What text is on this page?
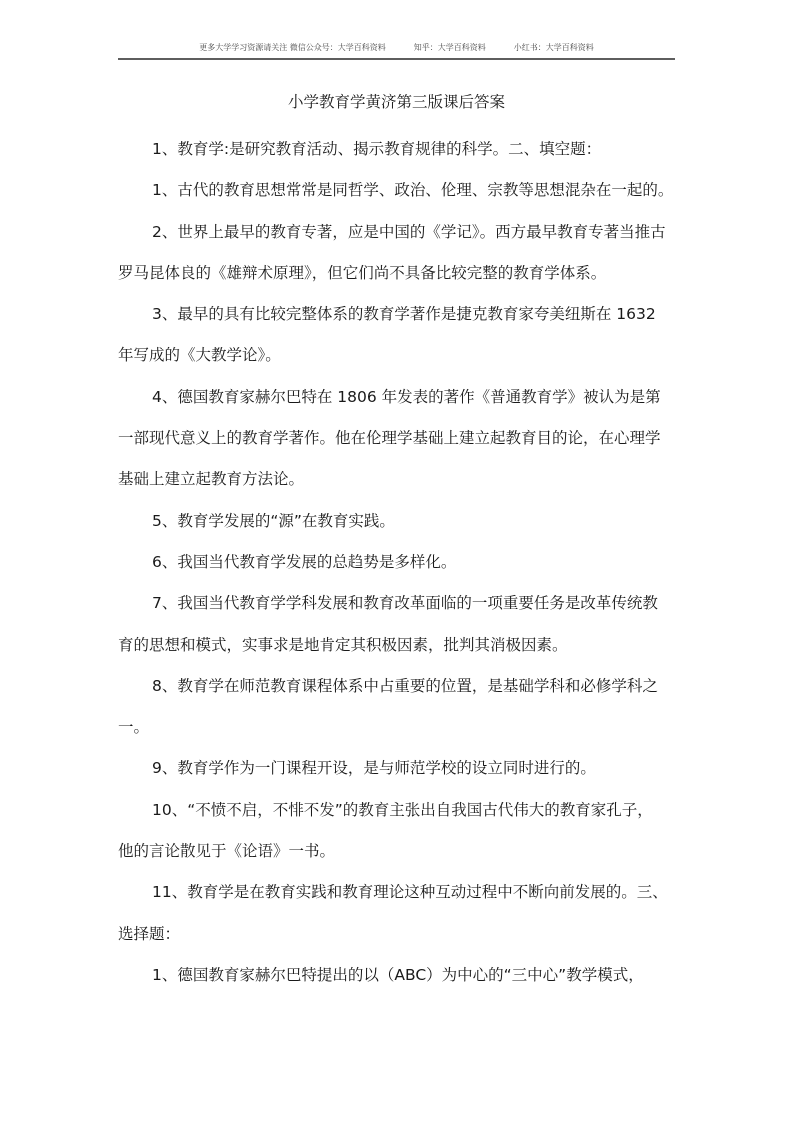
更多大学学习资源请关注 微信公众号：大学百科资料	知乎：大学百科资料	小红书：大学百科资料
小学教育学黄济第三版课后答案
1、教育学:是研究教育活动、揭示教育规律的科学。二、填空题：
1、古代的教育思想常常是同哲学、政治、伦理、宗教等思想混杂在一起的。
2、世界上最早的教育专著，应是中国的《学记》。西方最早教育专著当推古
罗马昆体良的《雄辩术原理》，但它们尚不具备比较完整的教育学体系。
3、最早的具有比较完整体系的教育学著作是捷克教育家夸美纽斯在 1632
年写成的《大教学论》。
4、德国教育家赫尔巴特在 1806 年发表的著作《普通教育学》被认为是第
一部现代意义上的教育学著作。他在伦理学基础上建立起教育目的论，在心理学
基础上建立起教育方法论。
5、教育学发展的“源”在教育实践。
6、我国当代教育学发展的总趋势是多样化。
7、我国当代教育学学科发展和教育改革面临的一项重要任务是改革传统教
育的思想和模式，实事求是地肯定其积极因素，批判其消极因素。
8、教育学在师范教育课程体系中占重要的位置，是基础学科和必修学科之
一。
9、教育学作为一门课程开设，是与师范学校的设立同时进行的。
10、“不愤不启，不悱不发”的教育主张出自我国古代伟大的教育家孔子，
他的言论散见于《论语》一书。
11、教育学是在教育实践和教育理论这种互动过程中不断向前发展的。三、
选择题：
1、德国教育家赫尔巴特提出的以（ABC）为中心的“三中心”教学模式，
